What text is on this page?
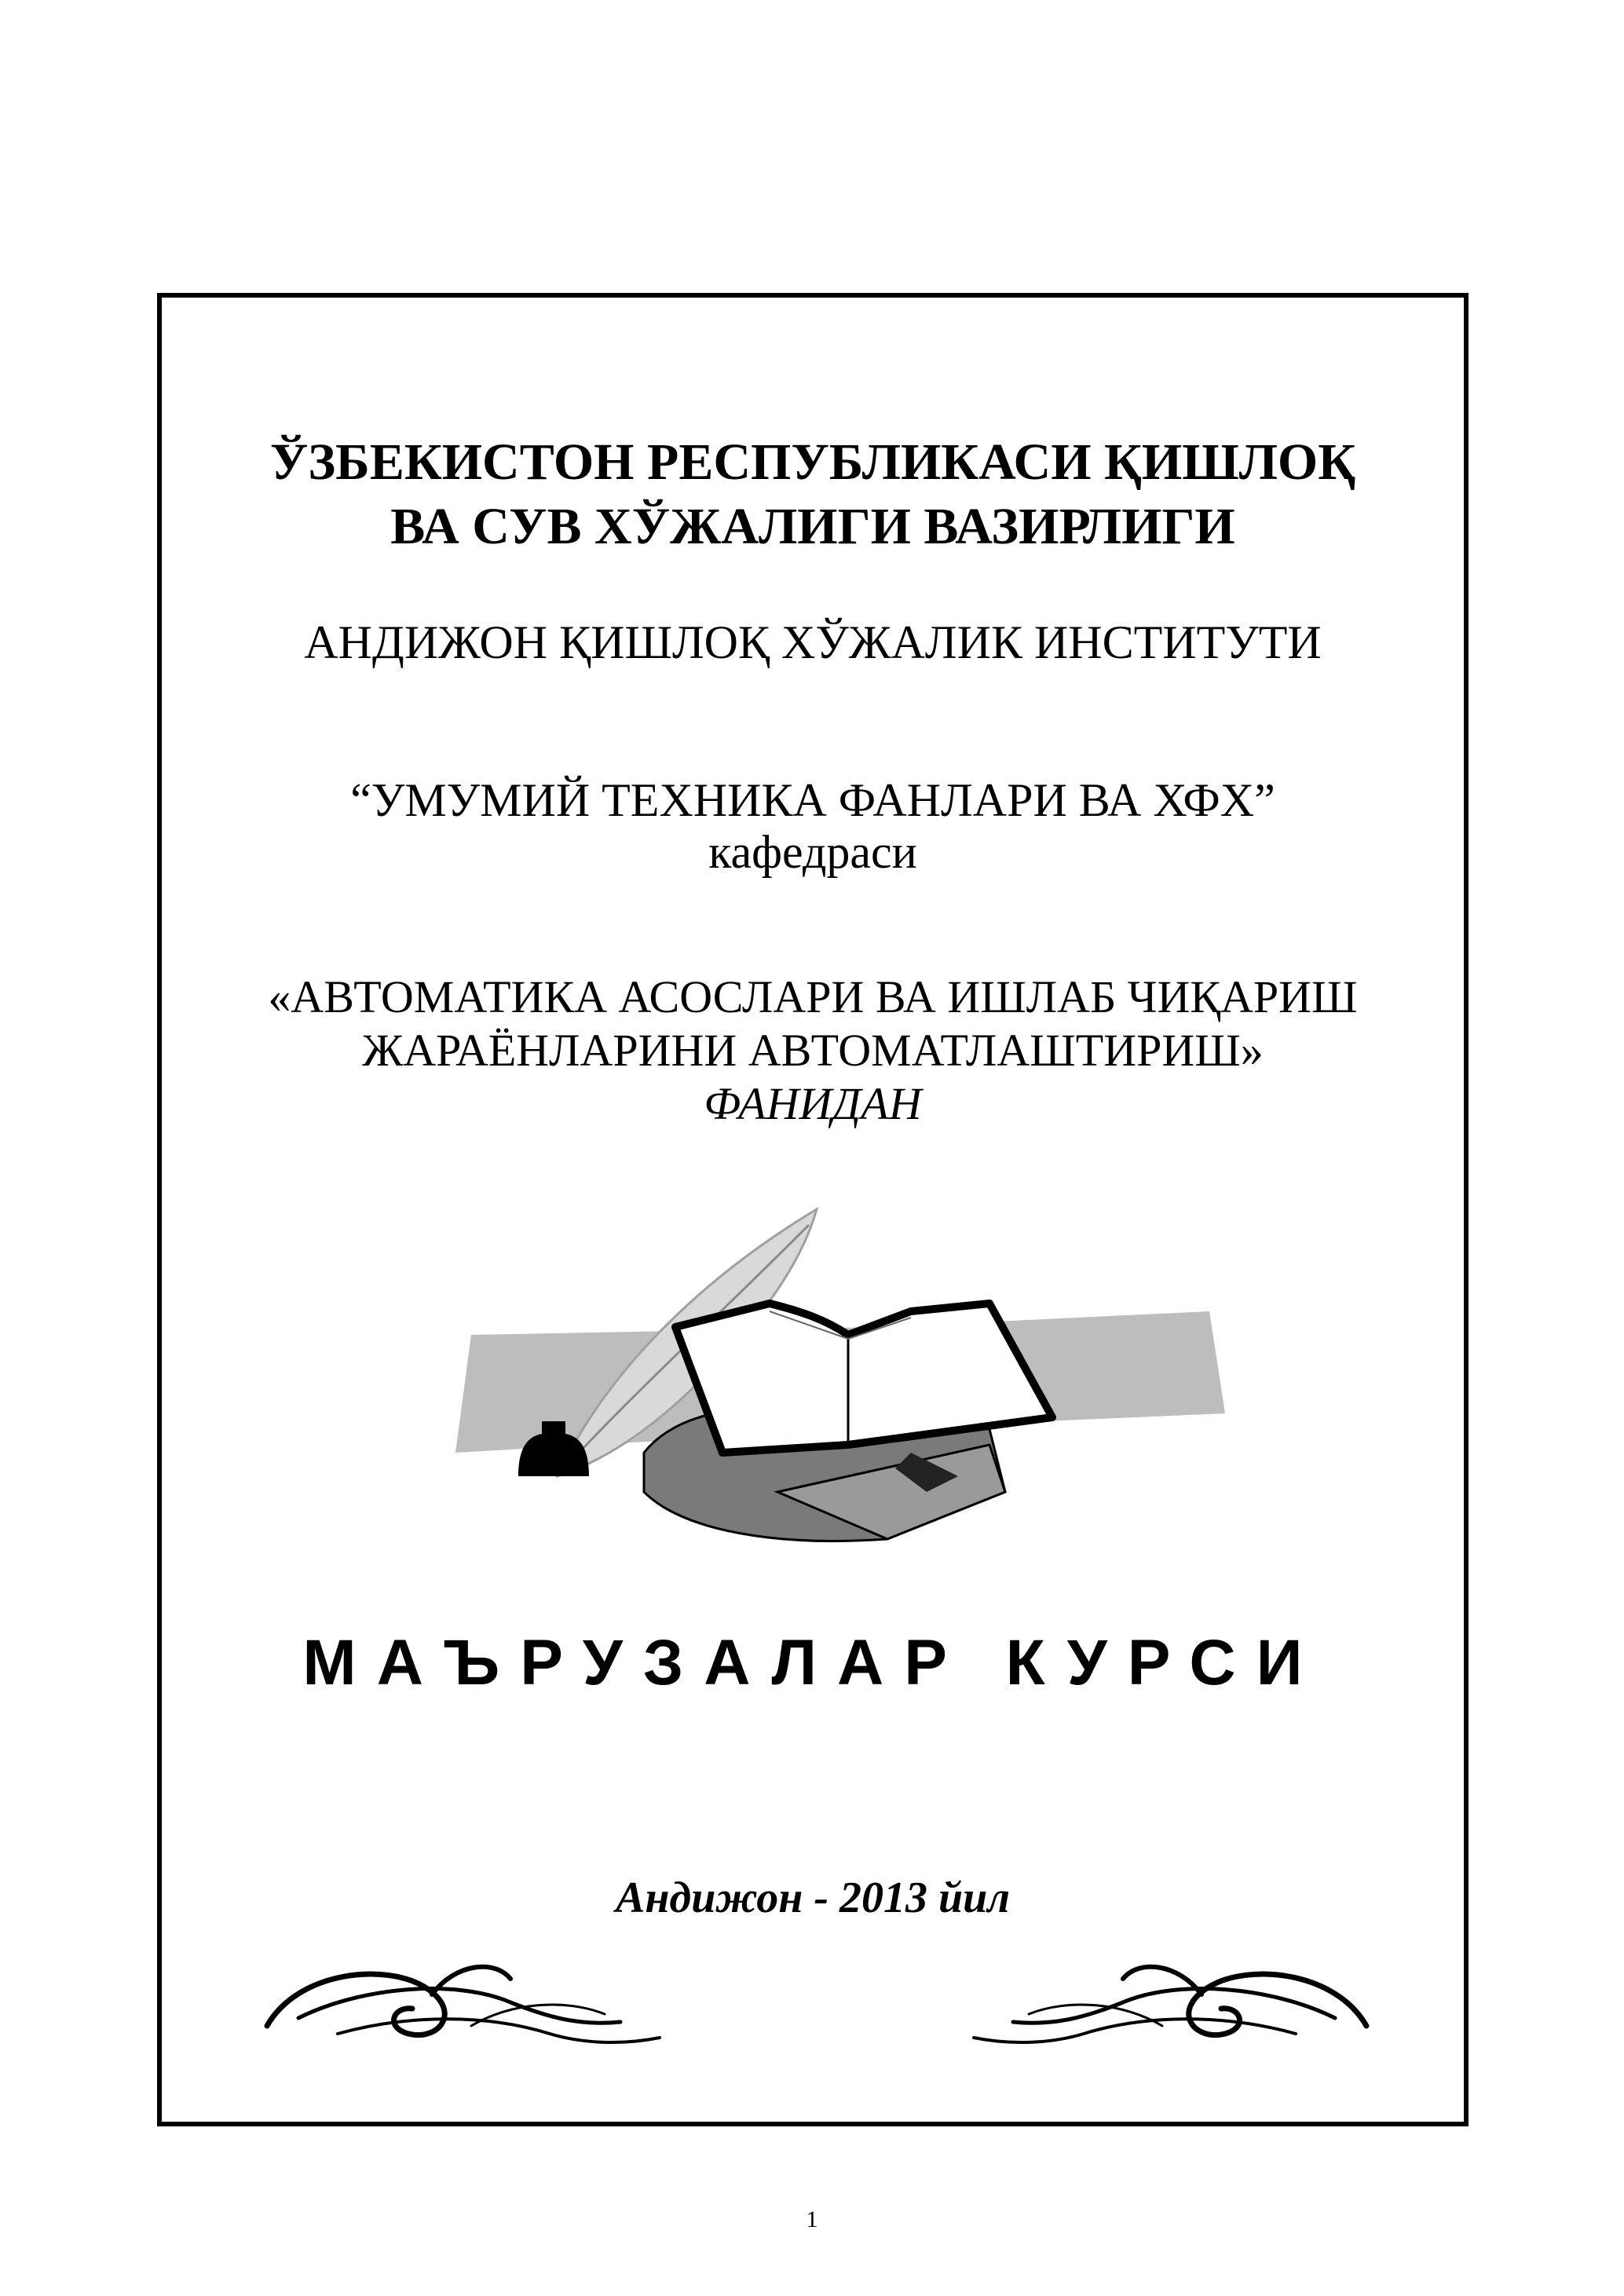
ЎЗБЕКИСТОН РЕСПУБЛИКАСИ ҚИШЛОҚ
ВА СУВ ХЎЖАЛИГИ ВАЗИРЛИГИ
АНДИЖОН ҚИШЛОҚ ХЎЖАЛИК ИНСТИТУТИ
“УМУМИЙ ТЕХНИКА ФАНЛАРИ ВА ХФХ”
кафедраси
«АВТОМАТИКА АСОСЛАРИ ВА ИШЛАБ ЧИҚАРИШ
ЖАРАЁНЛАРИНИ АВТОМАТЛАШТИРИШ»
ФАНИДАН
МАЪРУЗАЛАР КУРСИ
Андижон - 2013 йил
1
